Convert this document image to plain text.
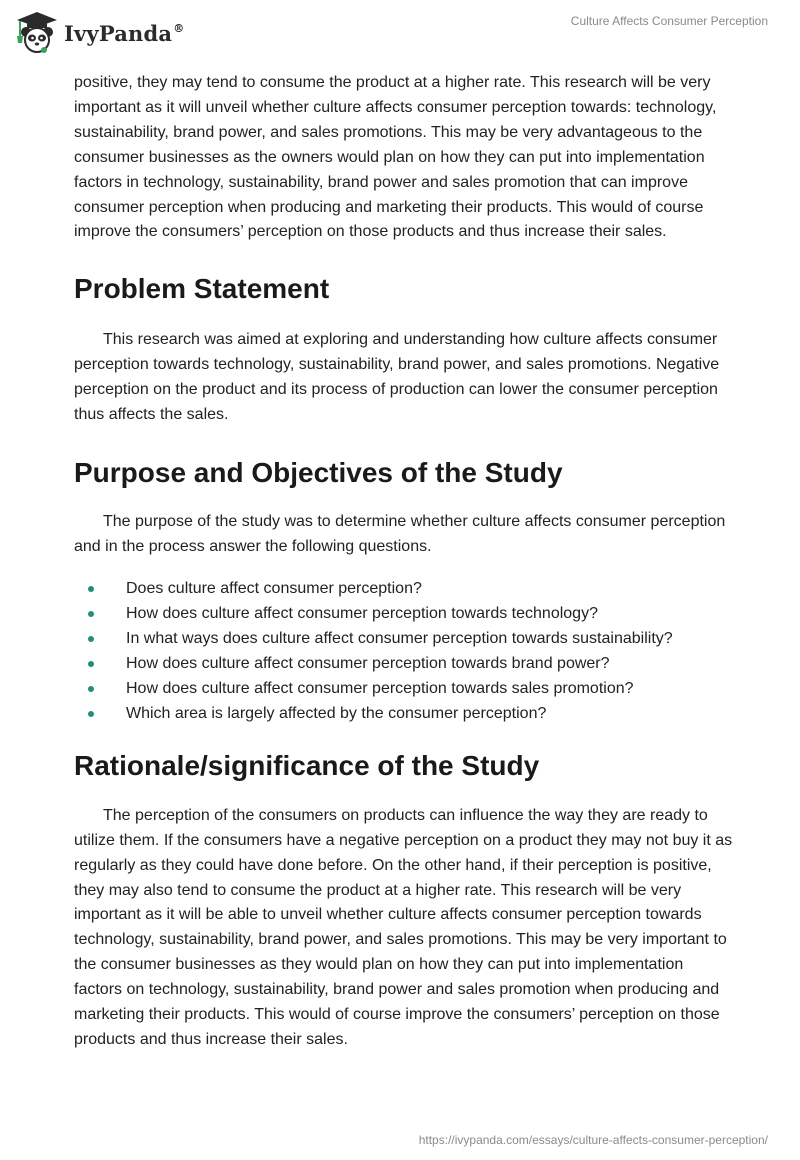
IvyPanda®	Culture Affects Consumer Perception

positive, they may tend to consume the product at a higher rate. This research will be very important as it will unveil whether culture affects consumer perception towards: technology, sustainability, brand power, and sales promotions. This may be very advantageous to the consumer businesses as the owners would plan on how they can put into implementation factors in technology, sustainability, brand power and sales promotion that can improve consumer perception when producing and marketing their products. This would of course improve the consumers’ perception on those products and thus increase their sales.

Problem Statement

This research was aimed at exploring and understanding how culture affects consumer perception towards technology, sustainability, brand power, and sales promotions. Negative perception on the product and its process of production can lower the consumer perception thus affects the sales.

Purpose and Objectives of the Study

The purpose of the study was to determine whether culture affects consumer perception and in the process answer the following questions.

Does culture affect consumer perception?
How does culture affect consumer perception towards technology?
In what ways does culture affect consumer perception towards sustainability?
How does culture affect consumer perception towards brand power?
How does culture affect consumer perception towards sales promotion?
Which area is largely affected by the consumer perception?
Rationale/significance of the Study

The perception of the consumers on products can influence the way they are ready to utilize them. If the consumers have a negative perception on a product they may not buy it as regularly as they could have done before. On the other hand, if their perception is positive, they may also tend to consume the product at a higher rate. This research will be very important as it will be able to unveil whether culture affects consumer perception towards technology, sustainability, brand power, and sales promotions. This may be very important to the consumer businesses as they would plan on how they can put into implementation factors on technology, sustainability, brand power and sales promotion when producing and marketing their products. This would of course improve the consumers’ perception on those products and thus increase their sales.

https://ivypanda.com/essays/culture-affects-consumer-perception/
